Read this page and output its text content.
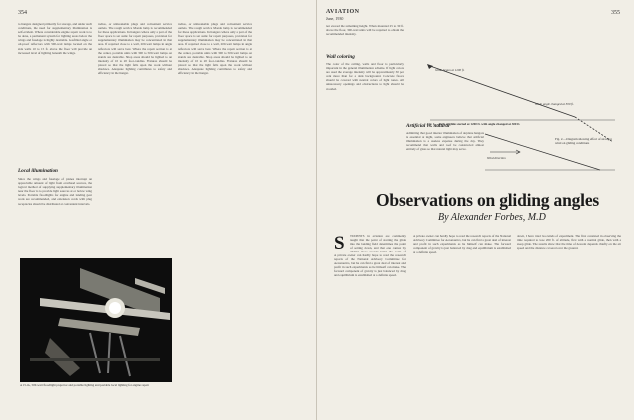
354

to hangars designed primarily for storage, and under such conditions, the need for supplementary illumination is self-evident. Where considerable engine repair work is to be done, a permanent system for lighting areas below the wings and fuselage is highly desirable. Gasfilled angle or oil-proof reflectors with 500-watt lamps located on the side walls 10 to 15 ft. above the floor will provide an increased level of lighting beneath the wings.

Local illumination

Since the wings and fuselage of planes interrupt an appreciable amount of light from overhead sources, the logical method of supplying supplementary illumination near the floor is to provide light sources at or below wing levels. Portable floodlights for engine and landing gear work are recommended, and extension cords with plug receptacles should be distributed at convenient intervals.

radios, or unbreakable plugs and convenient service outlets. The rough service Mazda lamp is recommended for these applications. In hangars where only a part of the floor space is set aside for repair purposes, provision for supplementary illumination may be concentrated in that area. If required close to a wall, 200-watt lamps in angle reflectors will serve best. Where the repair section is at the center, portable units with 300 to 500-watt lamps on stands are desirable. Shop areas should be lighted to an intensity of 10 to 20 foot-candles. Fixtures should be placed so that the light falls upon the work without shadows. Adequate lighting contributes to safety and efficiency in the hangar.

radios, or unbreakable plugs and convenient service outlets. The rough service Mazda lamp is recommended for these applications. In hangars where only a part of the floor space is set aside for repair purposes, provision for supplementary illumination may be concentrated in that area. If required close to a wall, 200-watt lamps in angle reflectors will serve best. Where the repair section is at the center, portable units with 300 to 500-watt lamps on stands are desirable. Shop areas should be lighted to an intensity of 10 to 20 foot-candles. Fixtures should be placed so that the light falls upon the work without shadows. Adequate lighting contributes to safety and efficiency in the hangar.

A 15-in., 500-watt floodlight projector and portable lighting and portable local lighting for engine repair
AVIATION
June, 1930
355

not exceed the remaining height. When mounted 25 to 30 ft. above the floor, 300-watt units will be required to obtain the recommended intensity.

Wall coloring

The color of the ceiling, walls and floor is particularly important in the general illumination scheme. If light colors are used the average intensity will be approximately 30 per cent more than for a dark background. Concrete floors should be covered with neutral colors of light tones. All unnecessary openings and obstructions to light should be avoided.

Artificial vs. natural

Admitting that good interior illumination of airplane hangars is essential at night, some engineers believe that artificial illumination is a useless expense during the day. They recommend that walls and roof be constructed almost entirely of glass so that natural light may serve.

Observations on gliding angles
By Alexander Forbes, M.D
S TUDENTS in aviation are commonly taught that the point of starting the glide into the landing field determines the point of setting down, and that one cannot by

A private owner can hardly hope to read the research reports of the National Advisory Committee for Aeronautics, but he can find a great deal of interest and profit in such experiments as he himself can make. The forward component of gravity is just balanced by drag and equilibrium is established at a definite speed.

A private owner can hardly hope to read the research reports of the National Advisory Committee for Aeronautics, but he can find a great deal of interest and profit in such experiments as he himself can make. The forward component of gravity is just balanced by drag and equilibrium is established at a definite speed.

down, I have tried two kinds of experiment. The first consisted in observing the time required to lose 200 ft. of altitude, first with a normal glide, then with a steep glide. The results show that the time of descent depends chiefly on the air speed and the distance covered over the ground.

Fig. 1.—Path of glide started at 1200 ft. with angle changed at 300 ft.
Fig. 2.—Diagram showing effect of stronger wind on gliding conditions
Glide begun at 1200 ft.
Glide angle changed at 300 ft.
Wind direction
